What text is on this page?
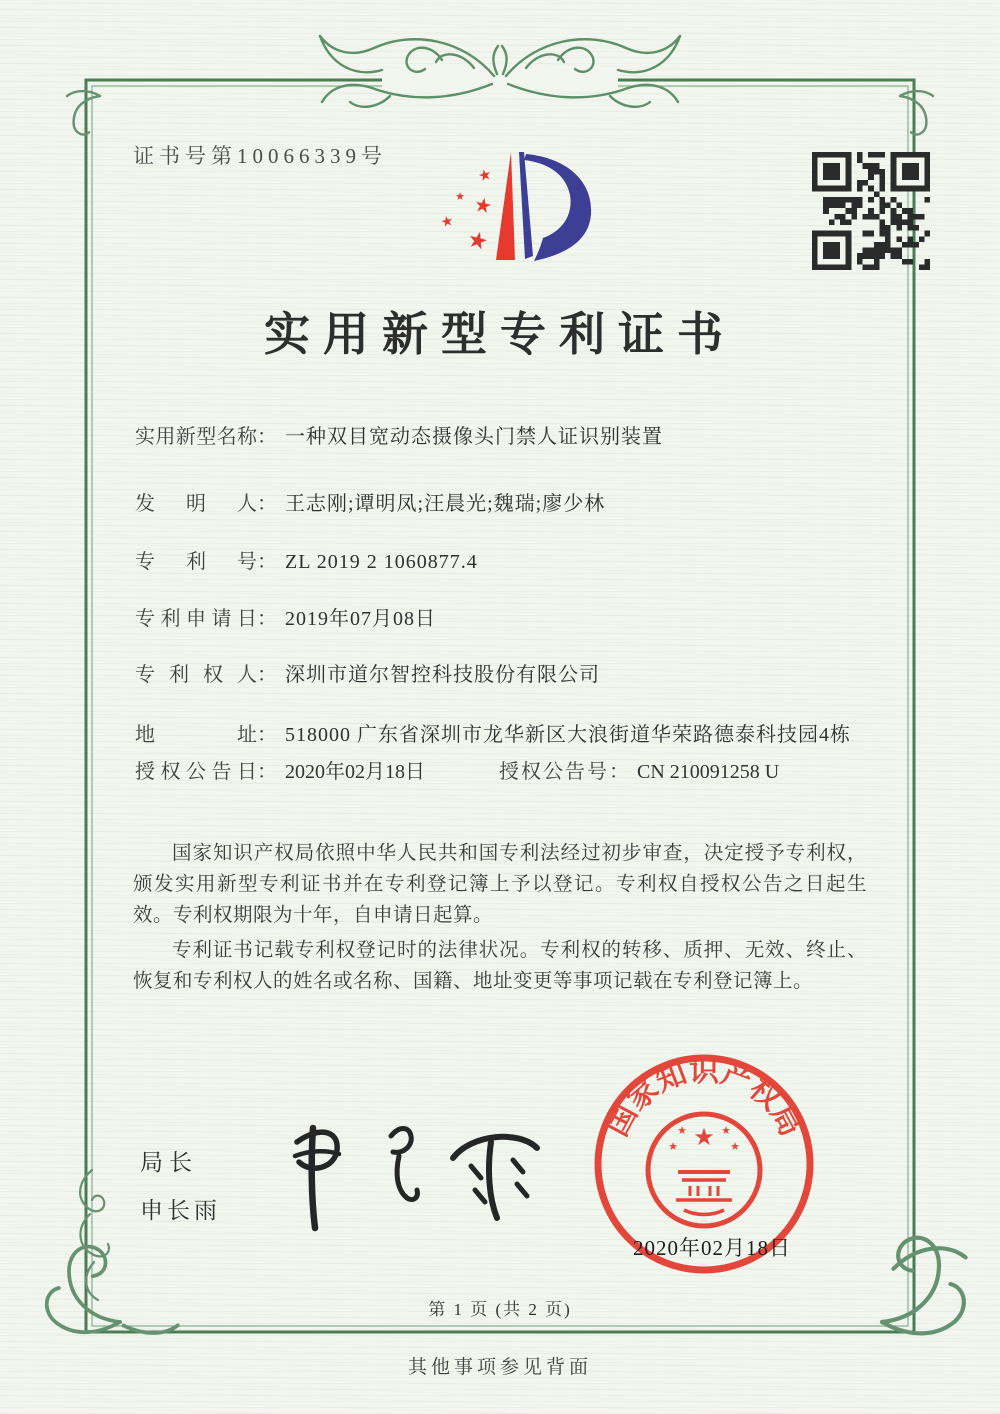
证书号第10066339号
★
★ ★
★
★
实用新型专利证书
实用新型名称 ： 一种双目宽动态摄像头门禁人证识别装置
发明人 ： 王志刚;谭明凤;汪晨光;魏瑞;廖少林
专利号 ： ZL 2019 2 1060877.4
专利申请日 ： 2019年07月08日
专利权人 ： 深圳市道尔智控科技股份有限公司
地址 ： 518000 广东省深圳市龙华新区大浪街道华荣路德泰科技园4栋
授权公告日 ： 2020年02月18日	授权公告号 ： CN 210091258 U

国家知识产权局依照中华人民共和国专利法经过初步审查，决定授予专利权，颁发实用新型专利证书并在专利登记簿上予以登记。专利权自授权公告之日起生效。专利权期限为十年，自申请日起算。

专利证书记载专利权登记时的法律状况。专利权的转移、质押、无效、终止、恢复和专利权人的姓名或名称、国籍、地址变更等事项记载在专利登记簿上。

局长
申长雨
国
家
知
识
产
权
局
★
★	★
★	★
2020年02月18日
第 1 页 (共 2 页)
其他事项参见背面
